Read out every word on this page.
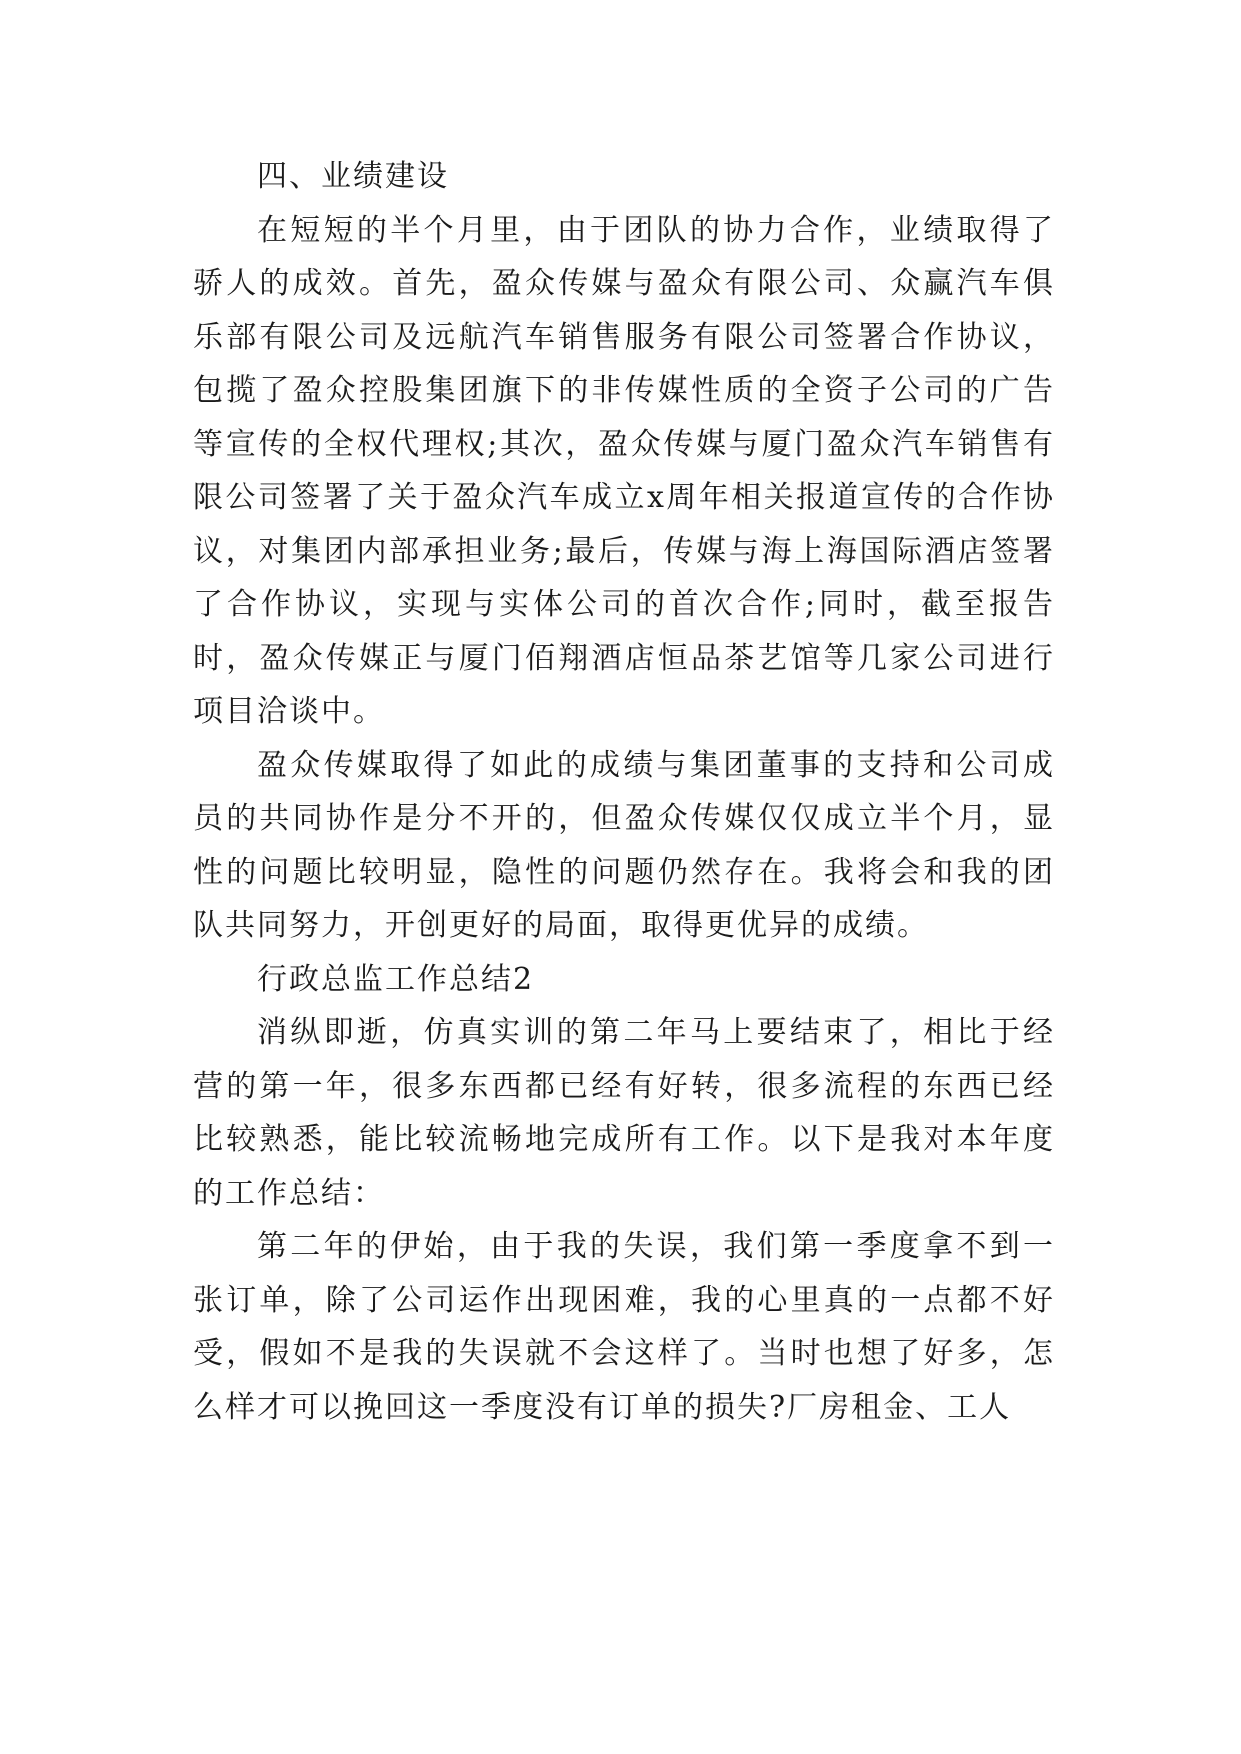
四、业绩建设

在短短的半个月里，由于团队的协力合作，业绩取得了骄人的成效。首先，盈众传媒与盈众有限公司、众赢汽车俱乐部有限公司及远航汽车销售服务有限公司签署合作协议，包揽了盈众控股集团旗下的非传媒性质的全资子公司的广告等宣传的全权代理权;其次，盈众传媒与厦门盈众汽车销售有限公司签署了关于盈众汽车成立x周年相关报道宣传的合作协议，对集团内部承担业务;最后，传媒与海上海国际酒店签署了合作协议，实现与实体公司的首次合作;同时，截至报告时，盈众传媒正与厦门佰翔酒店恒品茶艺馆等几家公司进行项目洽谈中。

盈众传媒取得了如此的成绩与集团董事的支持和公司成员的共同协作是分不开的，但盈众传媒仅仅成立半个月，显性的问题比较明显，隐性的问题仍然存在。我将会和我的团队共同努力，开创更好的局面，取得更优异的成绩。

行政总监工作总结2

消纵即逝，仿真实训的第二年马上要结束了，相比于经营的第一年，很多东西都已经有好转，很多流程的东西已经比较熟悉，能比较流畅地完成所有工作。以下是我对本年度的工作总结：

第二年的伊始，由于我的失误，我们第一季度拿不到一张订单，除了公司运作出现困难，我的心里真的一点都不好受，假如不是我的失误就不会这样了。当时也想了好多，怎么样才可以挽回这一季度没有订单的损失?厂房租金、工人
